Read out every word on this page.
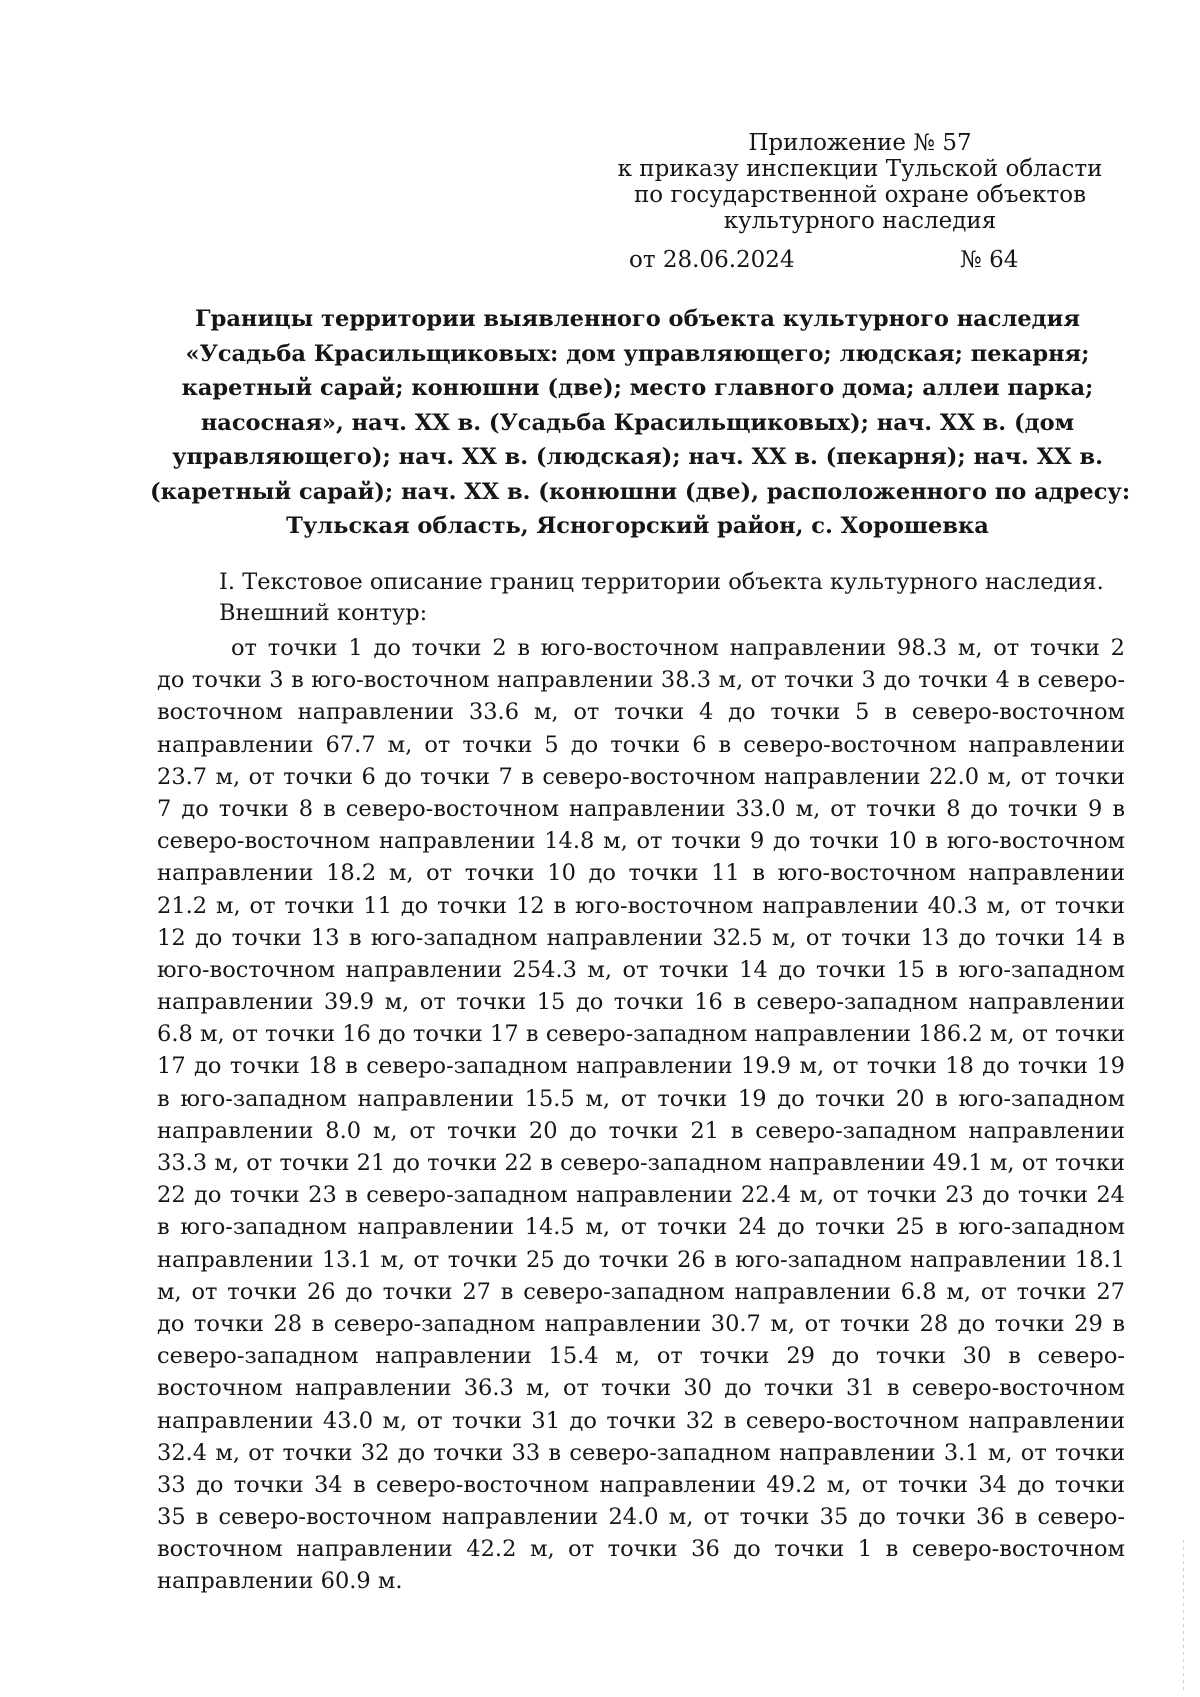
Приложение № 57
к приказу инспекции Тульской области
по государственной охране объектов
культурного наследия
от 28.06.2024	№ 64
Границы территории выявленного объекта культурного наследия
«Усадьба Красильщиковых: дом управляющего; людская; пекарня;
каретный сарай; конюшни (две); место главного дома; аллеи парка;
насосная», нач. XX в. (Усадьба Красильщиковых); нач. XX в. (дом
управляющего); нач. XX в. (людская); нач. XX в. (пекарня); нач. XX в.
(каретный сарай); нач. XX в. (конюшни (две), расположенного по адресу:
Тульская область, Ясногорский район, с. Хорошевка
I. Текстовое описание границ территории объекта культурного наследия.
Внешний контур:
от точки 1 до точки 2 в юго-восточном направлении 98.3 м, от точки 2
до точки 3 в юго-восточном направлении 38.3 м, от точки 3 до точки 4 в северо-
восточном направлении 33.6 м, от точки 4 до точки 5 в северо-восточном
направлении 67.7 м, от точки 5 до точки 6 в северо-восточном направлении
23.7 м, от точки 6 до точки 7 в северо-восточном направлении 22.0 м, от точки
7 до точки 8 в северо-восточном направлении 33.0 м, от точки 8 до точки 9 в
северо-восточном направлении 14.8 м, от точки 9 до точки 10 в юго-восточном
направлении 18.2 м, от точки 10 до точки 11 в юго-восточном направлении
21.2 м, от точки 11 до точки 12 в юго-восточном направлении 40.3 м, от точки
12 до точки 13 в юго-западном направлении 32.5 м, от точки 13 до точки 14 в
юго-восточном направлении 254.3 м, от точки 14 до точки 15 в юго-западном
направлении 39.9 м, от точки 15 до точки 16 в северо-западном направлении
6.8 м, от точки 16 до точки 17 в северо-западном направлении 186.2 м, от точки
17 до точки 18 в северо-западном направлении 19.9 м, от точки 18 до точки 19
в юго-западном направлении 15.5 м, от точки 19 до точки 20 в юго-западном
направлении 8.0 м, от точки 20 до точки 21 в северо-западном направлении
33.3 м, от точки 21 до точки 22 в северо-западном направлении 49.1 м, от точки
22 до точки 23 в северо-западном направлении 22.4 м, от точки 23 до точки 24
в юго-западном направлении 14.5 м, от точки 24 до точки 25 в юго-западном
направлении 13.1 м, от точки 25 до точки 26 в юго-западном направлении 18.1
м, от точки 26 до точки 27 в северо-западном направлении 6.8 м, от точки 27
до точки 28 в северо-западном направлении 30.7 м, от точки 28 до точки 29 в
северо-западном направлении 15.4 м, от точки 29 до точки 30 в северо-
восточном направлении 36.3 м, от точки 30 до точки 31 в северо-восточном
направлении 43.0 м, от точки 31 до точки 32 в северо-восточном направлении
32.4 м, от точки 32 до точки 33 в северо-западном направлении 3.1 м, от точки
33 до точки 34 в северо-восточном направлении 49.2 м, от точки 34 до точки
35 в северо-восточном направлении 24.0 м, от точки 35 до точки 36 в северо-
восточном направлении 42.2 м, от точки 36 до точки 1 в северо-восточном
направлении 60.9 м.
